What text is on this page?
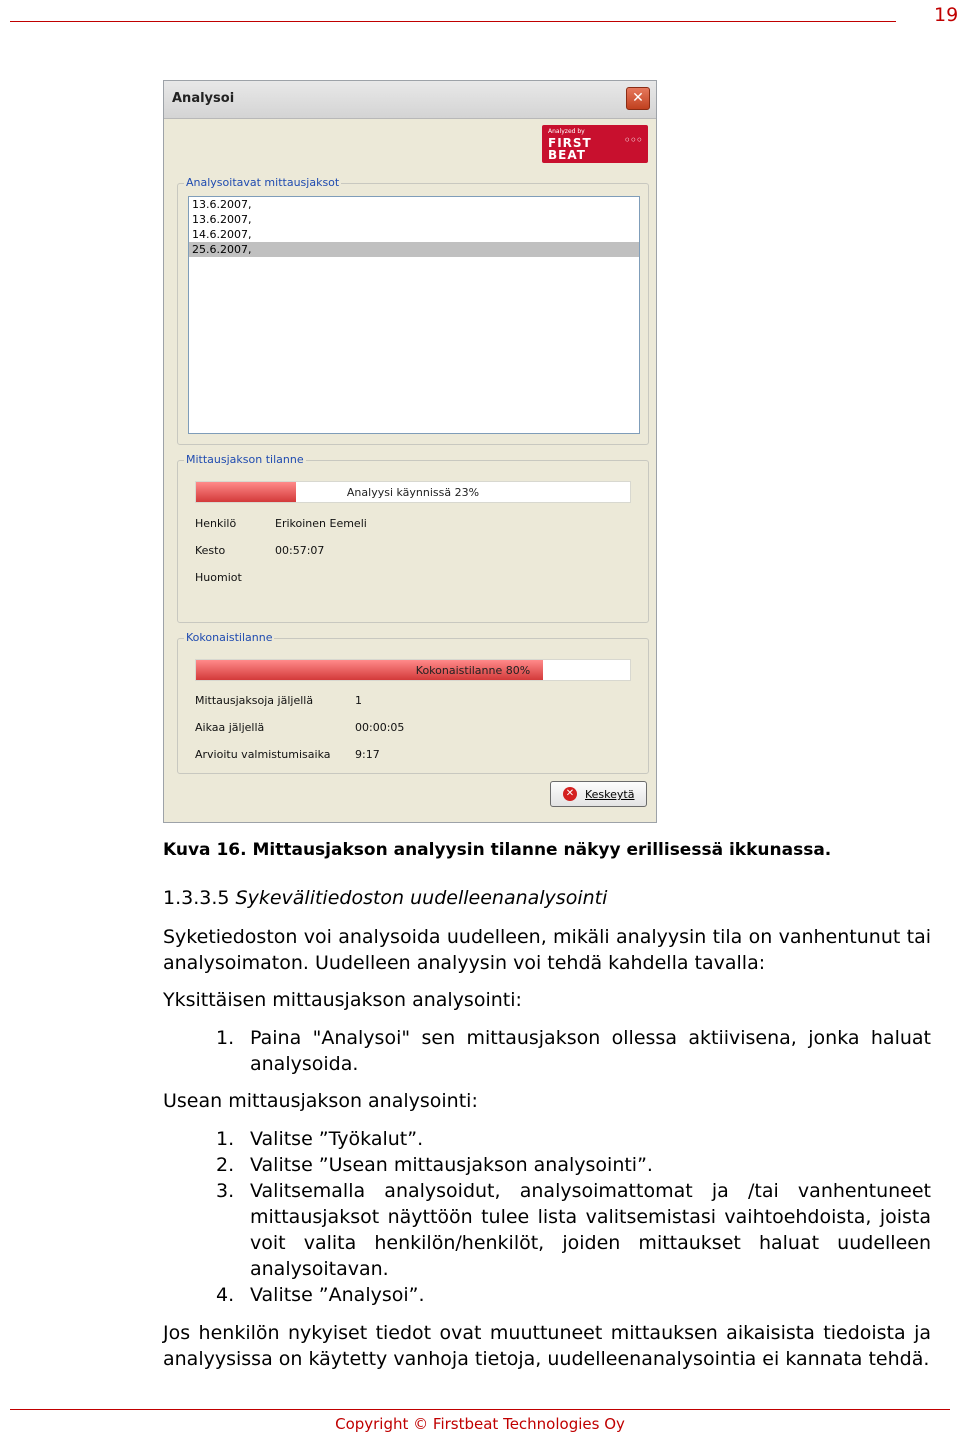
19
Analysoi	✕
Analyzed by
FIRST
BEAT
◦◦◦
Analysoitavat mittausjaksot
13.6.2007,
13.6.2007,
14.6.2007,
25.6.2007,
Mittausjakson tilanne
Analyysi käynnissä 23%
Henkilö	Erikoinen Eemeli
Kesto	00:57:07
Huomiot
Kokonaistilanne
Kokonaistilanne 80%
Mittausjaksoja jäljellä	1
Aikaa jäljellä	00:00:05
Arvioitu valmistumisaika 9:17
✕ Keskeytä
Kuva 16. Mittausjakson analyysin tilanne näkyy erillisessä ikkunassa.
1.3.3.5 Sykevälitiedoston uudelleenanalysointi
Syketiedoston voi analysoida uudelleen, mikäli analyysin tila on vanhentunut tai analysoimaton. Uudelleen analyysin voi tehdä kahdella tavalla:
Yksittäisen mittausjakson analysointi:
1. Paina "Analysoi" sen mittausjakson ollessa aktiivisena, jonka haluat analysoida.
Usean mittausjakson analysointi:
1. Valitse ”Työkalut”.
2. Valitse ”Usean mittausjakson analysointi”.
3. Valitsemalla analysoidut, analysoimattomat ja /tai vanhentuneet mittausjaksot näyttöön tulee lista valitsemistasi vaihtoehdoista, joista voit valita henkilön/henkilöt, joiden mittaukset haluat uudelleen analysoitavan.
4. Valitse ”Analysoi”.
Jos henkilön nykyiset tiedot ovat muuttuneet mittauksen aikaisista tiedoista ja analyysissa on käytetty vanhoja tietoja, uudelleenanalysointia ei kannata tehdä.
Copyright © Firstbeat Technologies Oy
